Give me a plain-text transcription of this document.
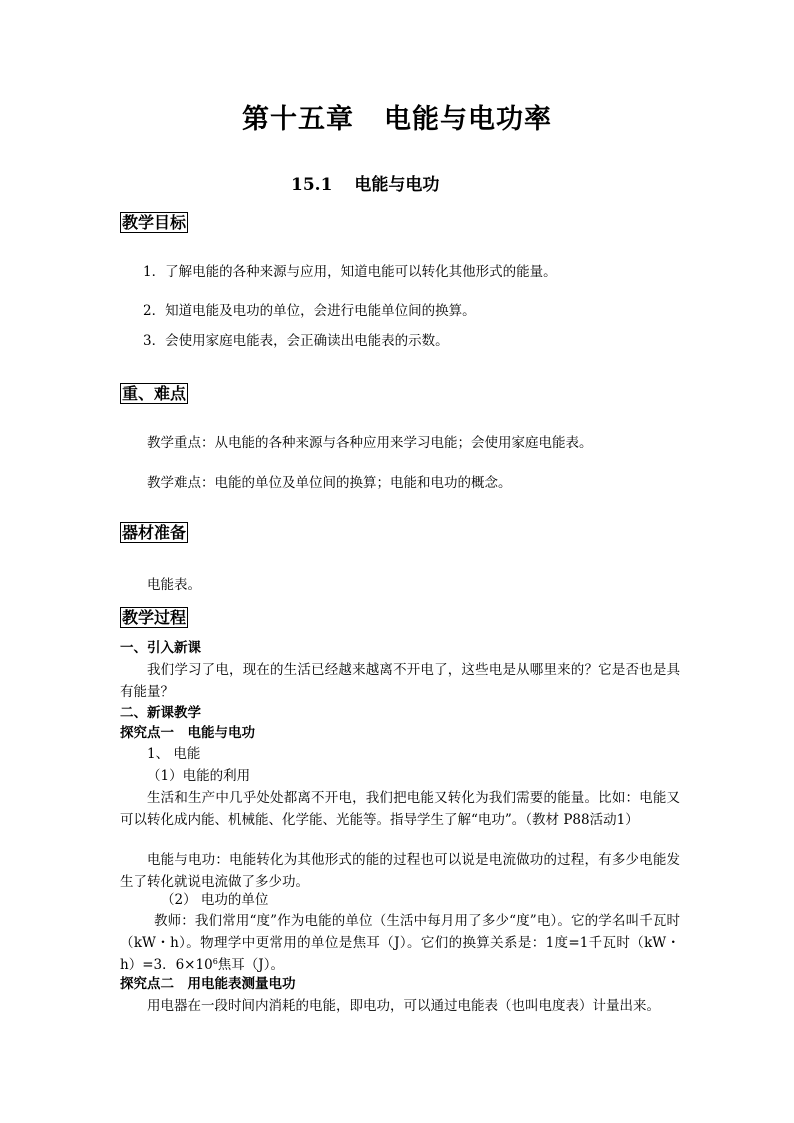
第十五章 电能与电功率
15.1 电能与电功
教学目标
1．了解电能的各种来源与应用，知道电能可以转化其他形式的能量。
2．知道电能及电功的单位，会进行电能单位间的换算。
3．会使用家庭电能表，会正确读出电能表的示数。
重、难点
教学重点：从电能的各种来源与各种应用来学习电能；会使用家庭电能表。
教学难点：电能的单位及单位间的换算；电能和电功的概念。
器材准备
电能表。
教学过程
一、引入新课
我们学习了电，现在的生活已经越来越离不开电了，这些电是从哪里来的？它是否也是具有能量？
二、新课教学
探究点一　电能与电功
1、 电能
（1）电能的利用
生活和生产中几乎处处都离不开电，我们把电能又转化为我们需要的能量。比如：电能又可以转化成内能、机械能、化学能、光能等。指导学生了解“电功”。（教材 P88活动1）
电能与电功：电能转化为其他形式的能的过程也可以说是电流做功的过程，有多少电能发生了转化就说电流做了多少功。
（2） 电功的单位
教师：我们常用“度”作为电能的单位（生活中每月用了多少“度”电）。它的学名叫千瓦时（kW・h）。物理学中更常用的单位是焦耳（J）。它们的换算关系是：1度=1千瓦时（kW・h）=3．$6\times 10^6$焦耳（J）。
探究点二　用电能表测量电功
用电器在一段时间内消耗的电能，即电功，可以通过电能表（也叫电度表）计量出来。
